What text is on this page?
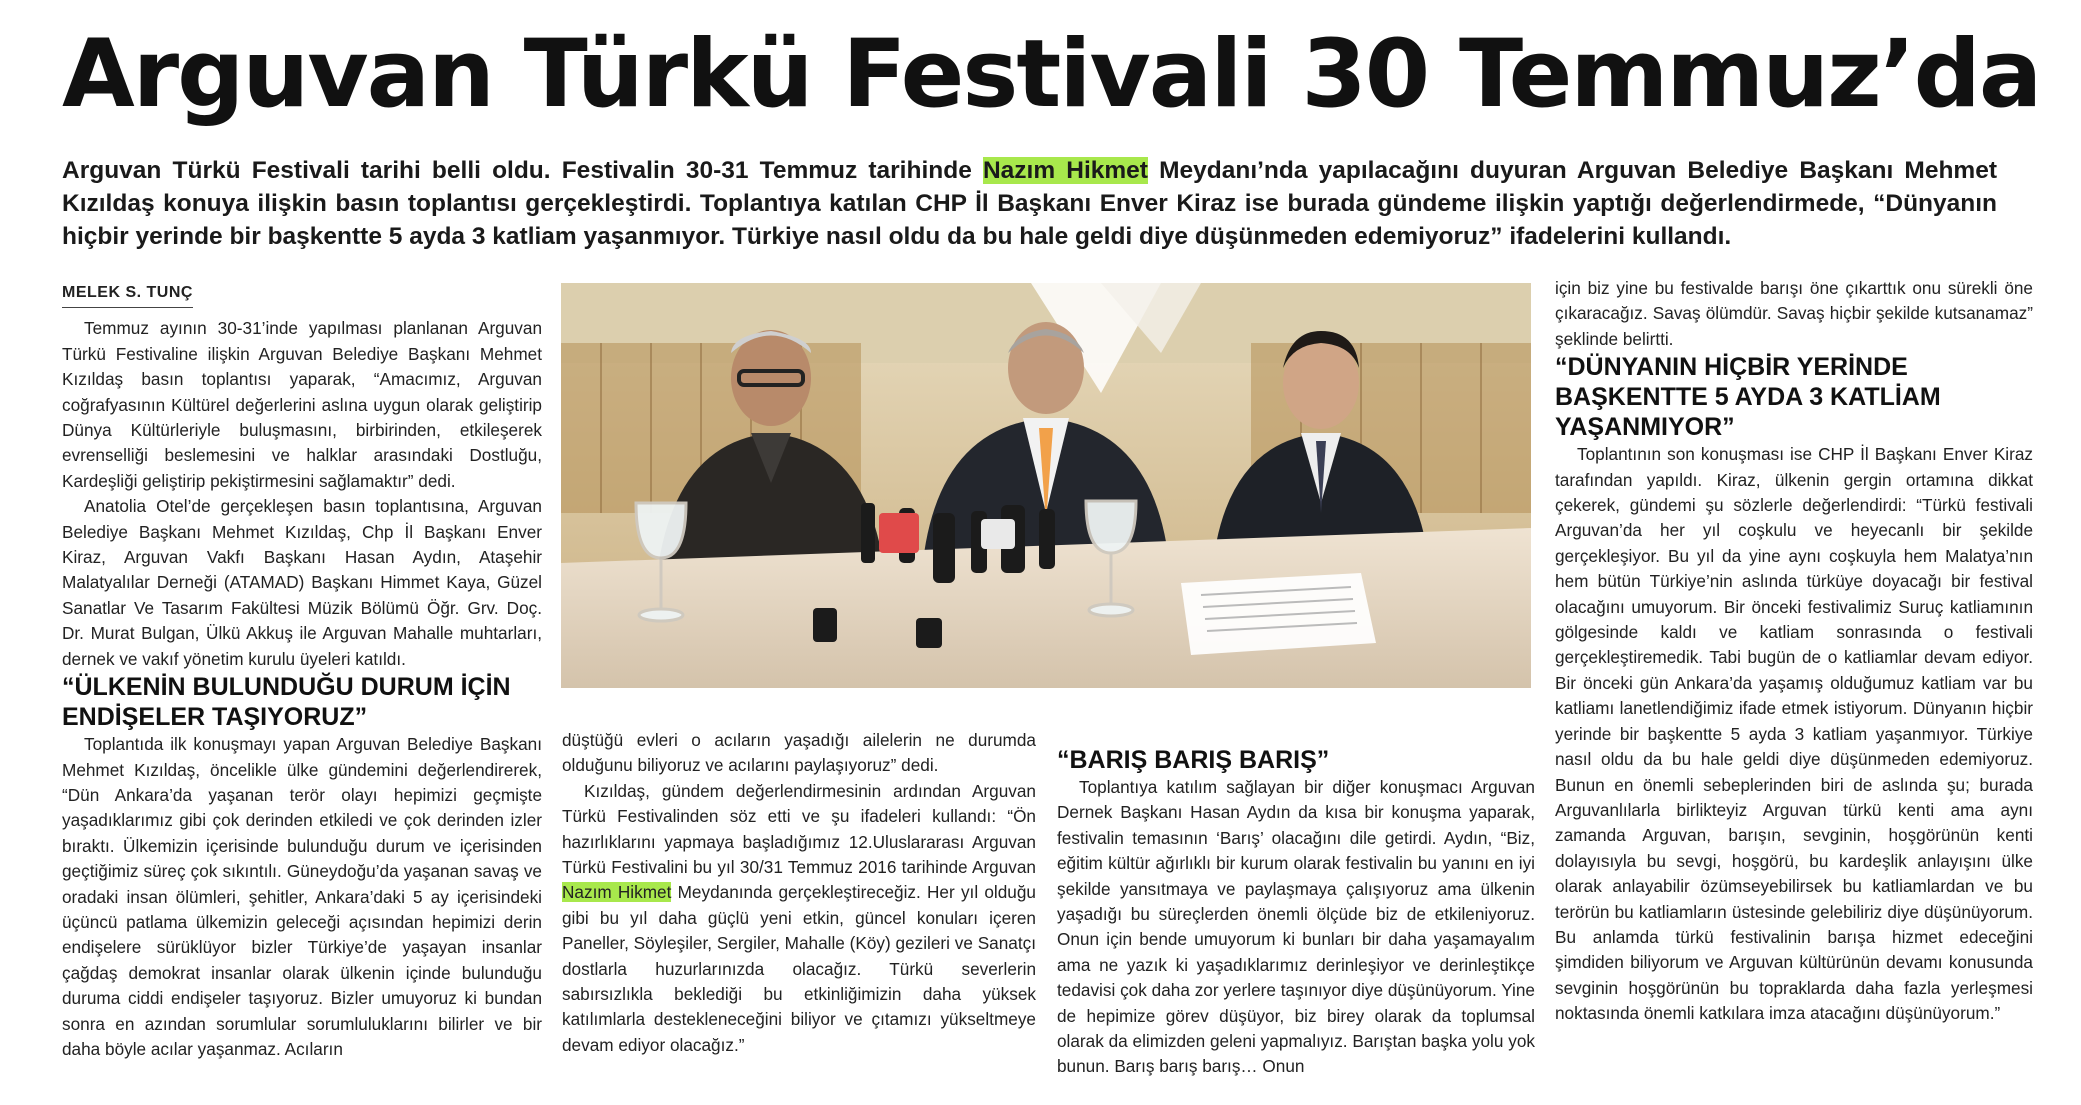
Arguvan Türkü Festivali 30 Temmuz’da

Arguvan Türkü Festivali tarihi belli oldu. Festivalin 30-31 Temmuz tarihinde Nazım Hikmet Meydanı’nda yapılacağını duyuran Arguvan Belediye Başkanı Mehmet Kızıldaş konuya ilişkin basın toplantısı gerçekleştirdi. Toplantıya katılan CHP İl Başkanı Enver Kiraz ise burada gündeme ilişkin yaptığı değerlendirmede, “Dünyanın hiçbir yerinde bir başkentte 5 ayda 3 katliam yaşanmıyor. Türkiye nasıl oldu da bu hale geldi diye düşünmeden edemiyoruz” ifadelerini kullandı.

MELEK S. TUNÇ

Temmuz ayının 30-31’inde yapılması planlanan Arguvan Türkü Festivaline ilişkin Arguvan Belediye Başkanı Mehmet Kızıldaş basın toplantısı yaparak, “Amacımız, Arguvan coğrafyasının Kültürel değerlerini aslına uygun olarak geliştirip Dünya Kültürleriyle buluşmasını, birbirinden, etkileşerek evrenselliği beslemesini ve halklar arasındaki Dostluğu, Kardeşliği geliştirip pekiştirmesini sağlamaktır” dedi.

Anatolia Otel’de gerçekleşen basın toplantısına, Arguvan Belediye Başkanı Mehmet Kızıldaş, Chp İl Başkanı Enver Kiraz, Arguvan Vakfı Başkanı Hasan Aydın, Ataşehir Malatyalılar Derneği (ATAMAD) Başkanı Himmet Kaya, Güzel Sanatlar Ve Tasarım Fakültesi Müzik Bölümü Öğr. Grv. Doç. Dr. Murat Bulgan, Ülkü Akkuş ile Arguvan Mahalle muhtarları, dernek ve vakıf yönetim kurulu üyeleri katıldı.

“ÜLKENİN BULUNDUĞU DURUM İÇİN ENDİŞELER TAŞIYORUZ”

Toplantıda ilk konuşmayı yapan Arguvan Belediye Başkanı Mehmet Kızıldaş, öncelikle ülke gündemini değerlendirerek, “Dün Ankara’da yaşanan terör olayı hepimizi geçmişte yaşadıklarımız gibi çok derinden etkiledi ve çok derinden izler bıraktı. Ülkemizin içerisinde bulunduğu durum ve içerisinden geçtiğimiz süreç çok sıkıntılı. Güneydoğu’da yaşanan savaş ve oradaki insan ölümleri, şehitler, Ankara’daki 5 ay içerisindeki üçüncü patlama ülkemizin geleceği açısından hepimizi derin endişelere sürüklüyor bizler Türkiye’de yaşayan insanlar çağdaş demokrat insanlar olarak ülkenin içinde bulunduğu duruma ciddi endişeler taşıyoruz. Bizler umuyoruz ki bundan sonra en azından sorumlular sorumluluklarını bilirler ve bir daha böyle acılar yaşanmaz. Acıların

düştüğü evleri o acıların yaşadığı ailelerin ne durumda olduğunu biliyoruz ve acılarını paylaşıyoruz” dedi.

Kızıldaş, gündem değerlendirmesinin ardından Arguvan Türkü Festivalinden söz etti ve şu ifadeleri kullandı: “Ön hazırlıklarını yapmaya başladığımız 12.Uluslararası Arguvan Türkü Festivalini bu yıl 30/31 Temmuz 2016 tarihinde Arguvan Nazım Hikmet Meydanında gerçekleştireceğiz. Her yıl olduğu gibi bu yıl daha güçlü yeni etkin, güncel konuları içeren Paneller, Söyleşiler, Sergiler, Mahalle (Köy) gezileri ve Sanatçı dostlarla huzurlarınızda olacağız. Türkü severlerin sabırsızlıkla beklediği bu etkinliğimizin daha yüksek katılımlarla destekleneceğini biliyor ve çıtamızı yükseltmeye devam ediyor olacağız.”

“BARIŞ BARIŞ BARIŞ”

Toplantıya katılım sağlayan bir diğer konuşmacı Arguvan Dernek Başkanı Hasan Aydın da kısa bir konuşma yaparak, festivalin temasının ‘Barış’ olacağını dile getirdi. Aydın, “Biz, eğitim kültür ağırlıklı bir kurum olarak festivalin bu yanını en iyi şekilde yansıtmaya ve paylaşmaya çalışıyoruz ama ülkenin yaşadığı bu süreçlerden önemli ölçüde biz de etkileniyoruz. Onun için bende umuyorum ki bunları bir daha yaşamayalım ama ne yazık ki yaşadıklarımız derinleşiyor ve derinleştikçe tedavisi çok daha zor yerlere taşınıyor diye düşünüyorum. Yine de hepimize görev düşüyor, biz birey olarak da toplumsal olarak da elimizden geleni yapmalıyız. Barıştan başka yolu yok bunun. Barış barış barış… Onun

için biz yine bu festivalde barışı öne çıkarttık onu sürekli öne çıkaracağız. Savaş ölümdür. Savaş hiçbir şekilde kutsanamaz” şeklinde belirtti.

“DÜNYANIN HİÇBİR YERİNDE BAŞKENTTE 5 AYDA 3 KATLİAM YAŞANMIYOR”

Toplantının son konuşması ise CHP İl Başkanı Enver Kiraz tarafından yapıldı. Kiraz, ülkenin gergin ortamına dikkat çekerek, gündemi şu sözlerle değerlendirdi: “Türkü festivali Arguvan’da her yıl coşkulu ve heyecanlı bir şekilde gerçekleşiyor. Bu yıl da yine aynı coşkuyla hem Malatya’nın hem bütün Türkiye’nin aslında türküye doyacağı bir festival olacağını umuyorum. Bir önceki festivalimiz Suruç katliamının gölgesinde kaldı ve katliam sonrasında o festivali gerçekleştiremedik. Tabi bugün de o katliamlar devam ediyor. Bir önceki gün Ankara’da yaşamış olduğumuz katliam var bu katliamı lanetlendiğimiz ifade etmek istiyorum. Dünyanın hiçbir yerinde bir başkentte 5 ayda 3 katliam yaşanmıyor. Türkiye nasıl oldu da bu hale geldi diye düşünmeden edemiyoruz. Bunun en önemli sebeplerinden biri de aslında şu; burada Arguvanlılarla birlikteyiz Arguvan türkü kenti ama aynı zamanda Arguvan, barışın, sevginin, hoşgörünün kenti dolayısıyla bu sevgi, hoşgörü, bu kardeşlik anlayışını ülke olarak anlayabilir özümseyebilirsek bu katliamlardan ve bu terörün bu katliamların üstesinde gelebiliriz diye düşünüyorum. Bu anlamda türkü festivalinin barışa hizmet edeceğini şimdiden biliyorum ve Arguvan kültürünün devamı konusunda sevginin hoşgörünün bu topraklarda daha fazla yerleşmesi noktasında önemli katkılara imza atacağını düşünüyorum.”
